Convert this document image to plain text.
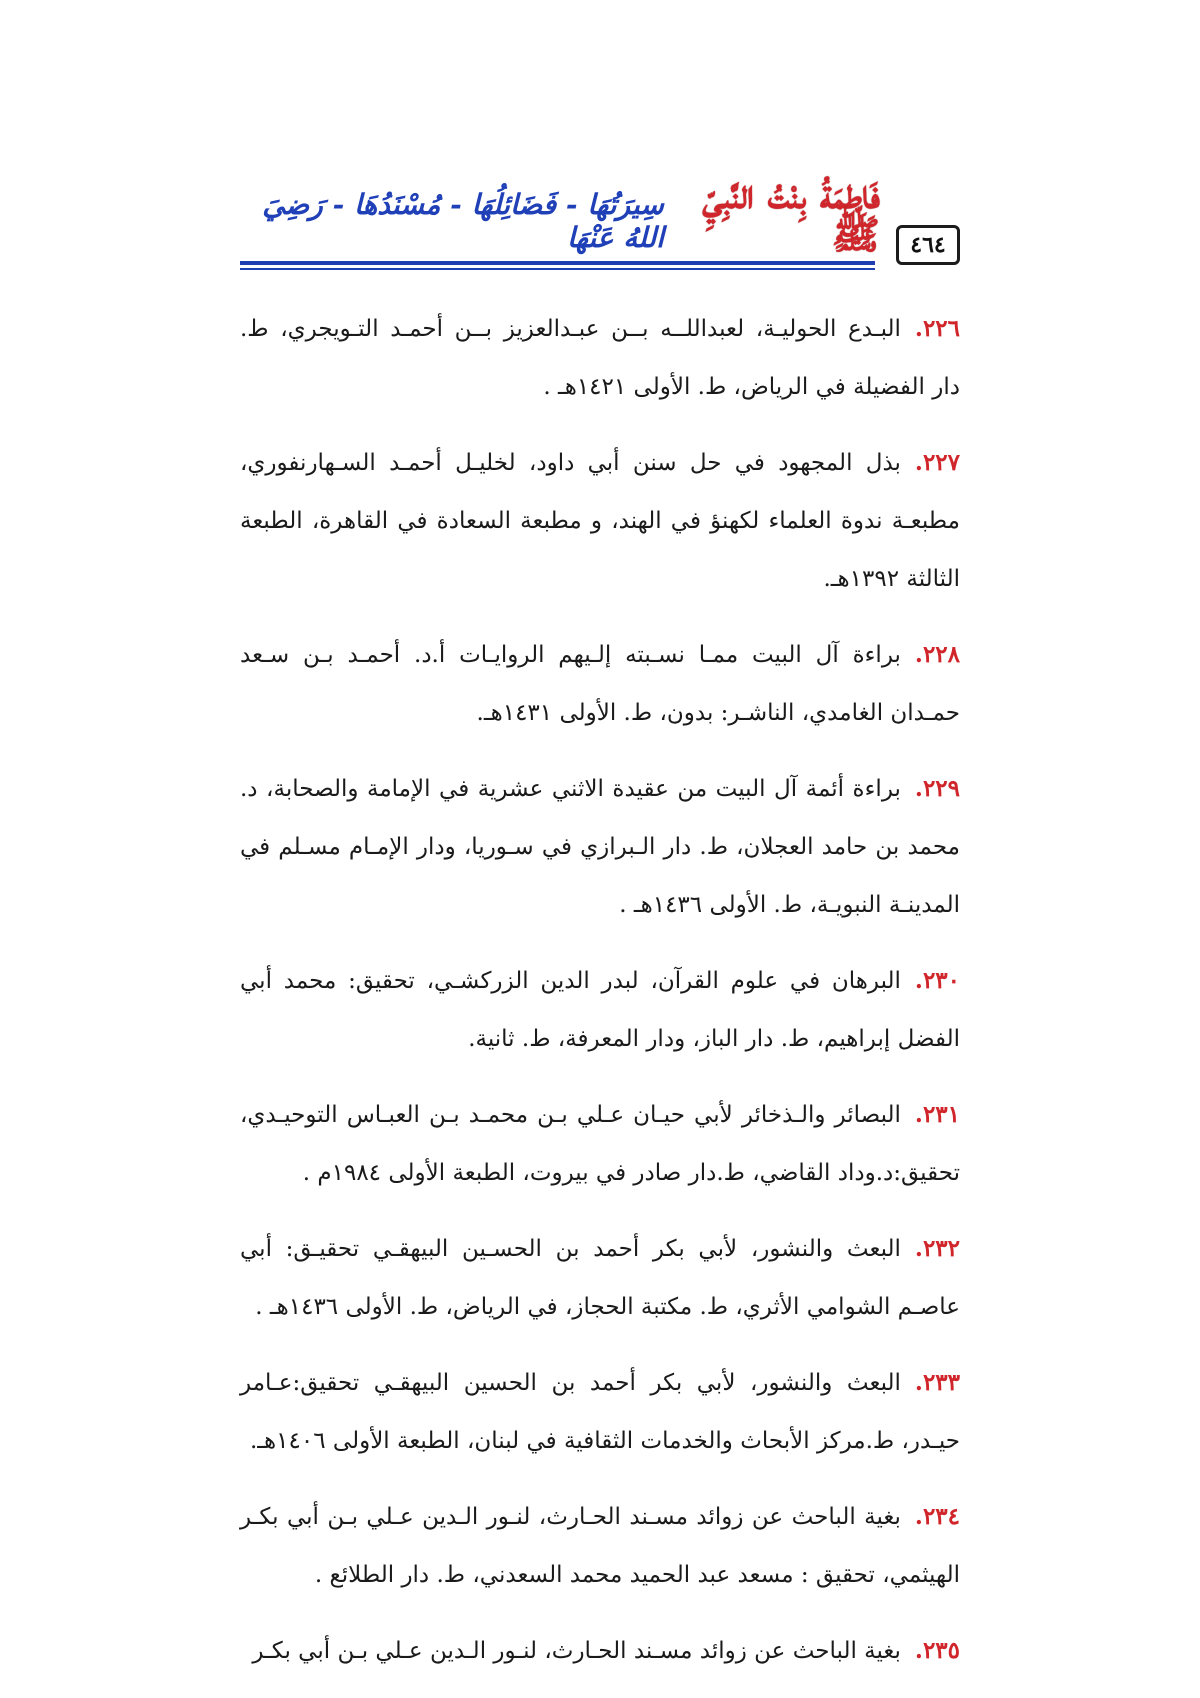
٤٦٤
فَاطِمَةُ بِنْتُ النَّبِيِّ ﷺ
سِيرَتُهَا - فَضَائِلُهَا - مُسْنَدُهَا - رَضِيَ اللهُ عَنْهَا

٢٢٦.البـدع الحوليـة، لعبداللــه بــن عبـدالعزيز بــن أحمـد التـويجري، ط. دار الفضيلة في الرياض، ط. الأولى ١٤٢١هـ .

٢٢٧.بذل المجهود في حل سنن أبي داود، لخليـل أحمـد السـهارنفوري، مطبعـة ندوة العلماء لكهنؤ في الهند، و مطبعة السعادة في القاهرة، الطبعة الثالثة ١٣٩٢هـ.

٢٢٨.براءة آل البيت ممـا نسـبته إلـيهم الروايـات أ.د. أحمـد بـن سـعد حمـدان الغامدي، الناشـر: بدون، ط. الأولى ١٤٣١هـ.

٢٢٩.براءة أئمة آل البيت من عقيدة الاثني عشرية في الإمامة والصحابة، د. محمد بن حامد العجلان، ط. دار الـبرازي في سـوريا، ودار الإمـام مسـلم في المدينـة النبويـة، ط. الأولى ١٤٣٦هـ .

٢٣٠.البرهان في علوم القرآن، لبدر الدين الزركشـي، تحقيق: محمد أبي الفضل إبراهيم، ط. دار الباز، ودار المعرفة، ط. ثانية.

٢٣١.البصائر والـذخائر لأبي حيـان عـلي بـن محمـد بـن العبـاس التوحيـدي، تحقيق:د.وداد القاضي، ط.دار صادر في بيروت، الطبعة الأولى ١٩٨٤م .

٢٣٢.البعث والنشور، لأبي بكر أحمد بن الحسـين البيهقـي تحقيـق: أبي عاصـم الشوامي الأثري، ط. مكتبة الحجاز، في الرياض، ط. الأولى ١٤٣٦هـ .

٢٣٣.البعث والنشور، لأبي بكر أحمد بن الحسين البيهقـي تحقيق:عـامر حيـدر، ط.مركز الأبحاث والخدمات الثقافية في لبنان، الطبعة الأولى ١٤٠٦هـ.

٢٣٤.بغية الباحث عن زوائد مسـند الحـارث، لنـور الـدين عـلي بـن أبي بكـر الهيثمي، تحقيق : مسعد عبد الحميد محمد السعدني، ط. دار الطلائع .

٢٣٥.بغية الباحث عن زوائد مسـند الحـارث، لنـور الـدين عـلي بـن أبي بكـر
